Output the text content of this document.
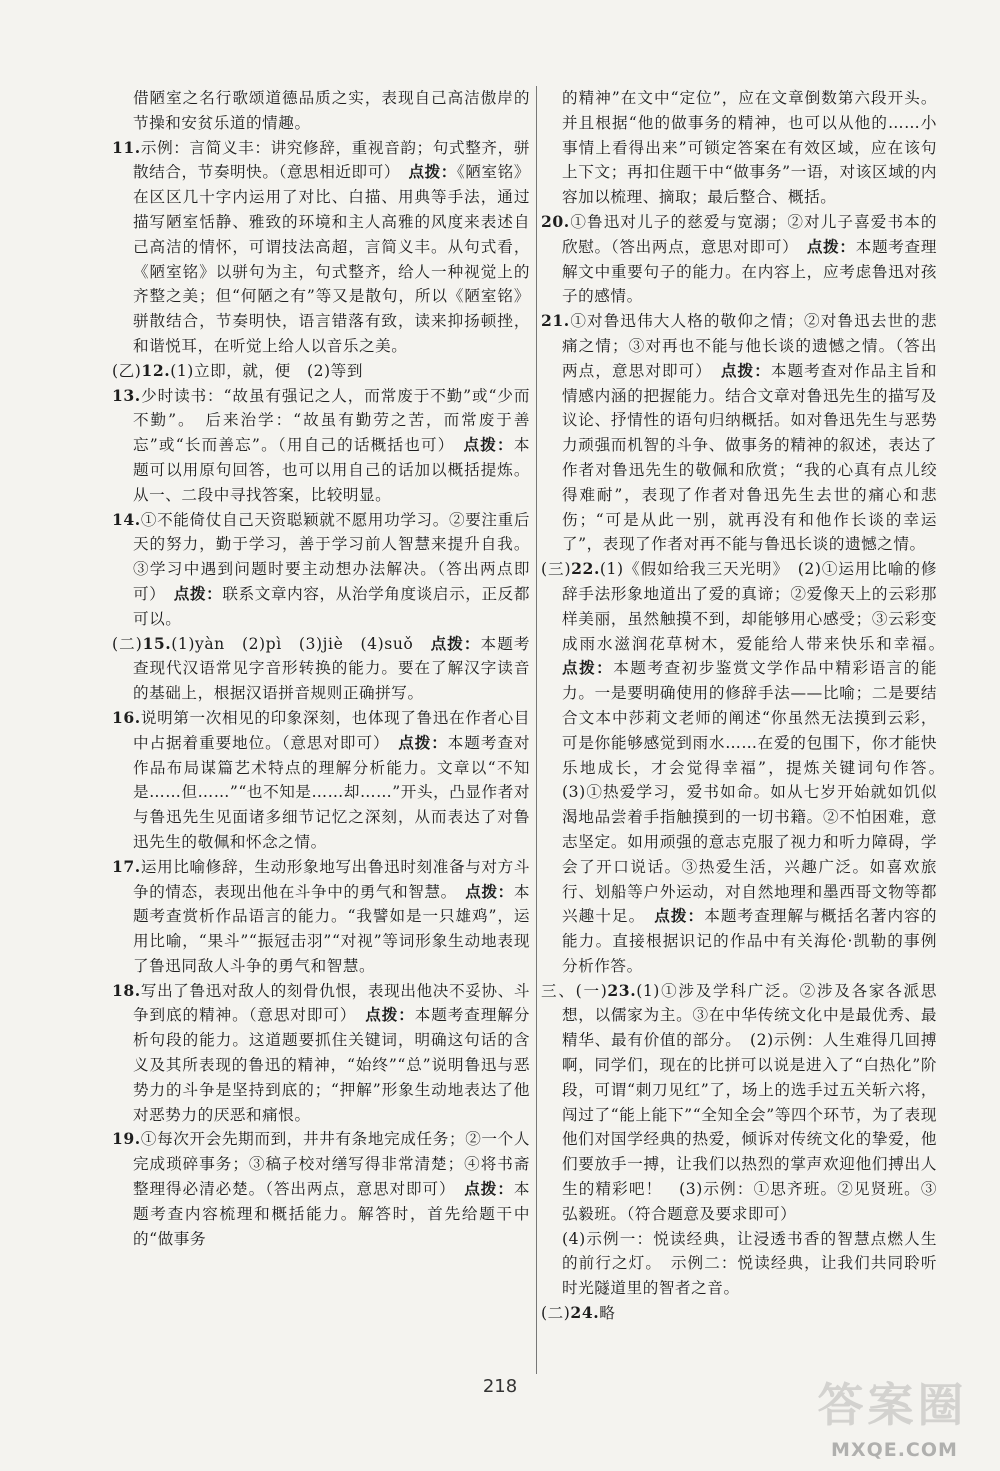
借陋室之名行歌颂道德品质之实，表现自己高洁傲岸的节操和安贫乐道的情趣。

11.示例：言简义丰：讲究修辞，重视音韵；句式整齐，骈散结合，节奏明快。（意思相近即可）　 点拨：《陋室铭》在区区几十字内运用了对比、白描、用典等手法，通过描写陋室恬静、雅致的环境和主人高雅的风度来表述自己高洁的情怀，可谓技法高超，言简义丰。从句式看，《陋室铭》以骈句为主，句式整齐，给人一种视觉上的齐整之美；但“何陋之有”等又是散句，所以《陋室铭》骈散结合，节奏明快，语言错落有致，读来抑扬顿挫，和谐悦耳，在听觉上给人以音乐之美。

(乙)12.(1)立即，就，便　(2)等到

13.少时读书：“故虽有强记之人，而常废于不勤”或“少而不勤”。　后来治学：“故虽有勤劳之苦，而常废于善忘”或“长而善忘”。（用自己的话概括也可）　 点拨：本题可以用原句回答，也可以用自己的话加以概括提炼。从一、二段中寻找答案，比较明显。

14.①不能倚仗自己天资聪颖就不愿用功学习。②要注重后天的努力，勤于学习，善于学习前人智慧来提升自我。③学习中遇到问题时要主动想办法解决。（答出两点即可）　 点拨：联系文章内容，从治学角度谈启示，正反都可以。

(二)15.(1)yàn　(2)pì　(3)jiè　(4)suǒ　 点拨：本题考查现代汉语常见字音形转换的能力。要在了解汉字读音的基础上，根据汉语拼音规则正确拼写。

16.说明第一次相见的印象深刻，也体现了鲁迅在作者心目中占据着重要地位。（意思对即可）　 点拨：本题考查对作品布局谋篇艺术特点的理解分析能力。文章以“不知是……但……”“也不知是……却……”开头，凸显作者对与鲁迅先生见面诸多细节记忆之深刻，从而表达了对鲁迅先生的敬佩和怀念之情。

17.运用比喻修辞，生动形象地写出鲁迅时刻准备与对方斗争的情态，表现出他在斗争中的勇气和智慧。　 点拨：本题考查赏析作品语言的能力。“我譬如是一只雄鸡”，运用比喻，“果斗”“振冠击羽”“对视”等词形象生动地表现了鲁迅同敌人斗争的勇气和智慧。

18.写出了鲁迅对敌人的刻骨仇恨，表现出他决不妥协、斗争到底的精神。（意思对即可）　 点拨：本题考查理解分析句段的能力。这道题要抓住关键词，明确这句话的含义及其所表现的鲁迅的精神，“始终”“总”说明鲁迅与恶势力的斗争是坚持到底的；“押解”形象生动地表达了他对恶势力的厌恶和痛恨。

19.①每次开会先期而到，井井有条地完成任务；②一个人完成琐碎事务；③稿子校对缮写得非常清楚；④将书斋整理得必清必楚。（答出两点，意思对即可）　 点拨：本题考查内容梳理和概括能力。解答时，首先给题干中的“做事务

的精神”在文中“定位”，应在文章倒数第六段开头。并且根据“他的做事务的精神，也可以从他的……小事情上看得出来”可锁定答案在有效区域，应在该句上下文；再扣住题干中“做事务”一语，对该区域的内容加以梳理、摘取；最后整合、概括。

20.①鲁迅对儿子的慈爱与宽溺；②对儿子喜爱书本的欣慰。（答出两点，意思对即可）　 点拨：本题考查理解文中重要句子的能力。在内容上，应考虑鲁迅对孩子的感情。

21.①对鲁迅伟大人格的敬仰之情；②对鲁迅去世的悲痛之情；③对再也不能与他长谈的遗憾之情。（答出两点，意思对即可）　 点拨：本题考查对作品主旨和情感内涵的把握能力。结合文章对鲁迅先生的描写及议论、抒情性的语句归纳概括。如对鲁迅先生与恶势力顽强而机智的斗争、做事务的精神的叙述，表达了作者对鲁迅先生的敬佩和欣赏；“我的心真有点儿绞得难耐”，表现了作者对鲁迅先生去世的痛心和悲伤；“可是从此一别，就再没有和他作长谈的幸运了”，表现了作者对再不能与鲁迅长谈的遗憾之情。

(三)22.(1)《假如给我三天光明》　(2)①运用比喻的修辞手法形象地道出了爱的真谛；②爱像天上的云彩那样美丽，虽然触摸不到，却能够用心感受；③云彩变成雨水滋润花草树木，爱能给人带来快乐和幸福。　点拨：本题考查初步鉴赏文学作品中精彩语言的能力。一是要明确使用的修辞手法——比喻；二是要结合文本中莎莉文老师的阐述“你虽然无法摸到云彩，可是你能够感觉到雨水……在爱的包围下，你才能快乐地成长，才会觉得幸福”，提炼关键词句作答。　(3)①热爱学习，爱书如命。如从七岁开始就如饥似渴地品尝着手指触摸到的一切书籍。②不怕困难，意志坚定。如用顽强的意志克服了视力和听力障碍，学会了开口说话。③热爱生活，兴趣广泛。如喜欢旅行、划船等户外运动，对自然地理和墨西哥文物等都兴趣十足。　 点拨：本题考查理解与概括名著内容的能力。直接根据识记的作品中有关海伦·凯勒的事例分析作答。

三、(一)23.(1)①涉及学科广泛。②涉及各家各派思想，以儒家为主。③在中华传统文化中是最优秀、最精华、最有价值的部分。　(2)示例：人生难得几回搏啊，同学们，现在的比拼可以说是进入了“白热化”阶段，可谓“刺刀见红”了，场上的选手过五关斩六将，闯过了“能上能下”“全知全会”等四个环节，为了表现他们对国学经典的热爱，倾诉对传统文化的挚爱，他们要放手一搏，让我们以热烈的掌声欢迎他们搏出人生的精彩吧！　(3)示例：①思齐班。②见贤班。③弘毅班。（符合题意及要求即可）

(4)示例一：悦读经典，让浸透书香的智慧点燃人生的前行之灯。　示例二：悦读经典，让我们共同聆听时光隧道里的智者之音。

(二)24.略

218	答案圈
MXQE.COM
